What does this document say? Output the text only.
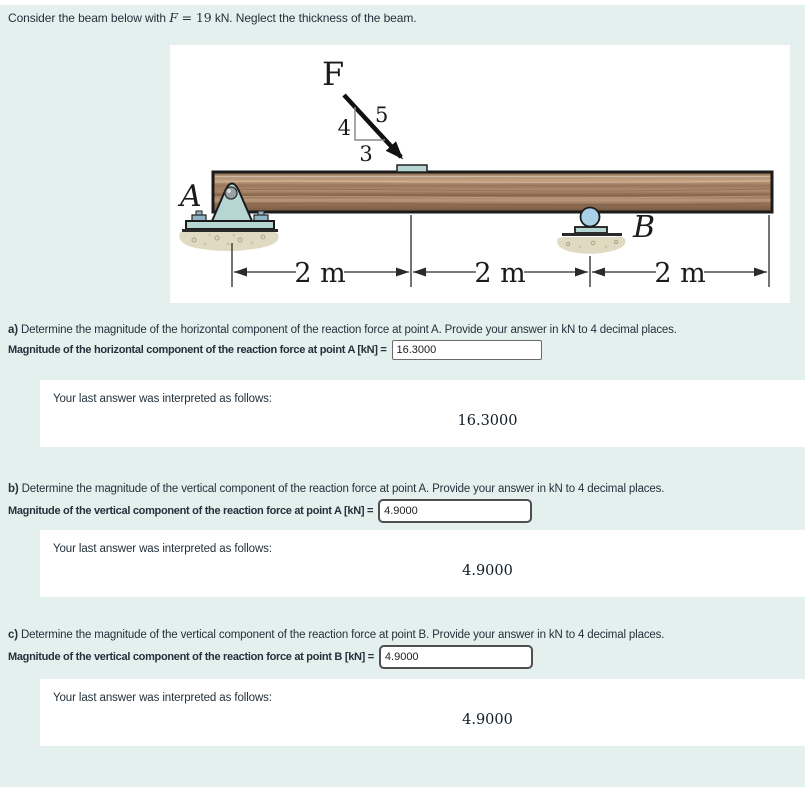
Consider the beam below with F = 19 kN. Neglect the thickness of the beam.
F
4
3
5
A
B
2 m	2 m	2 m
a) Determine the magnitude of the horizontal component of the reaction force at point A. Provide your answer in kN to 4 decimal places.
Magnitude of the horizontal component of the reaction force at point A [kN] =
16.3000
Your last answer was interpreted as follows:
16.3000
b) Determine the magnitude of the vertical component of the reaction force at point A. Provide your answer in kN to 4 decimal places.
Magnitude of the vertical component of the reaction force at point A [kN] =
4.9000
Your last answer was interpreted as follows:
4.9000
c) Determine the magnitude of the vertical component of the reaction force at point B. Provide your answer in kN to 4 decimal places.
Magnitude of the vertical component of the reaction force at point B [kN] =
4.9000
Your last answer was interpreted as follows:
4.9000
